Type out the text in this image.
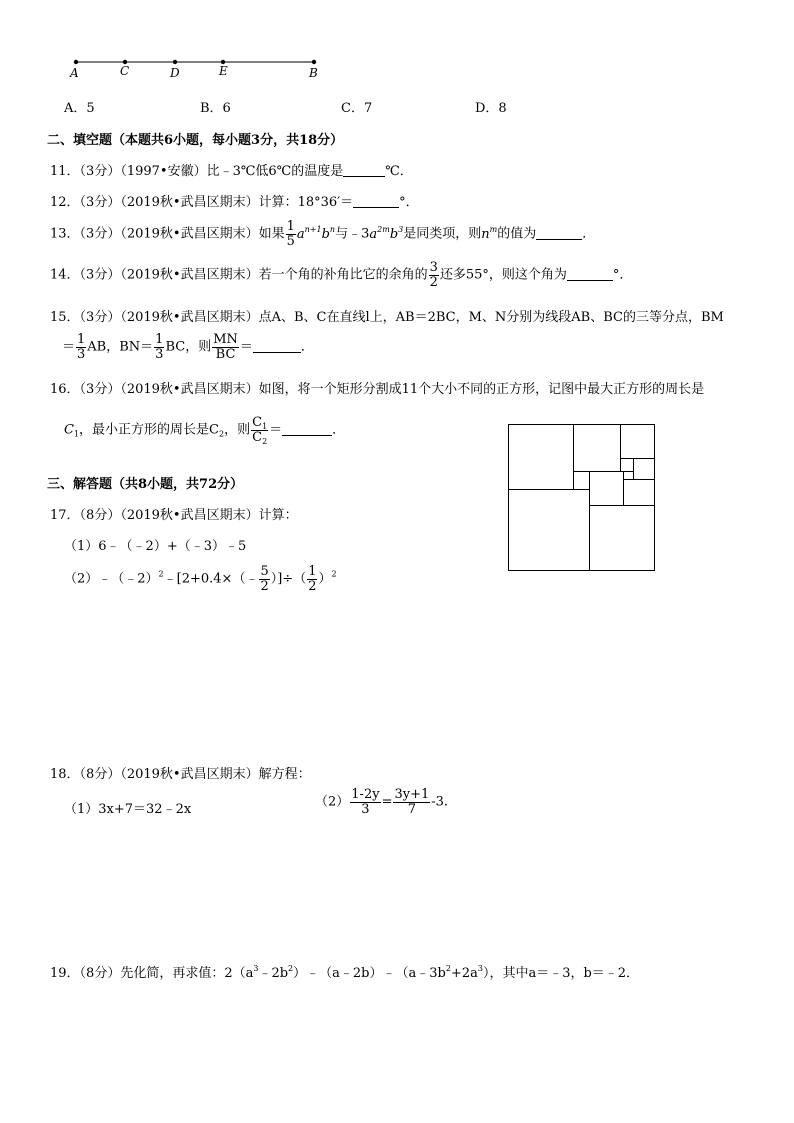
A	C	D	E	B
A．5	B．6	C．7	D．8
二、填空题（本题共6小题，每小题3分，共18分）
11．（3分）（1997•安徽）比﹣3℃低6℃的温度是	℃．
12．（3分）（2019秋•武昌区期末）计算：18°36′＝	°．
13．（3分）（2019秋•武昌区期末）如果 $\frac{1}{5} a^{n+1}b^n$与$﹣3a^{2m}b^3$是同类项，则$n^m$的值为	．
14．（3分）（2019秋•武昌区期末）若一个角的补角比它的余角的 $\frac{3}{2}$ 还多55°，则这个角为	°．
15．（3分）（2019秋•武昌区期末）点A、B、C在直线l上，AB＝2BC，M、N分别为线段AB、BC的三等分点，BM
＝ $\frac{1}{3}$ AB，$BN= \frac{1}{3}$ BC，则 $\frac{MN}{BC}$ ＝	．
16．（3分）（2019秋•武昌区期末）如图，将一个矩形分割成11个大小不同的正方形，记图中最大正方形的周长是
$C_1$，最小正方形的周长是$C_2$，则 $\frac{C_1}{C_2}$ ＝	．
三、解答题（共8小题，共72分）
17．（8分）（2019秋•武昌区期末）计算：
（1）6﹣（﹣2）+（﹣3）﹣5
（2）﹣（﹣2）$^2$﹣[2+0.4×（﹣ $\frac{5}{2}$ ）]÷（ $\frac{1}{2} )^2$
18．（8分）（2019秋•武昌区期末）解方程：
（1）3x+7＝32﹣2x	$(2) \frac{1-2y}{3} = \frac{3y+1}{7} -3$.
19．（8分）先化简，再求值：$2(a^3﹣2b^2)﹣(a﹣2b)﹣(a﹣3b^2+2a^3)$，其中a＝﹣3，b＝﹣2．
